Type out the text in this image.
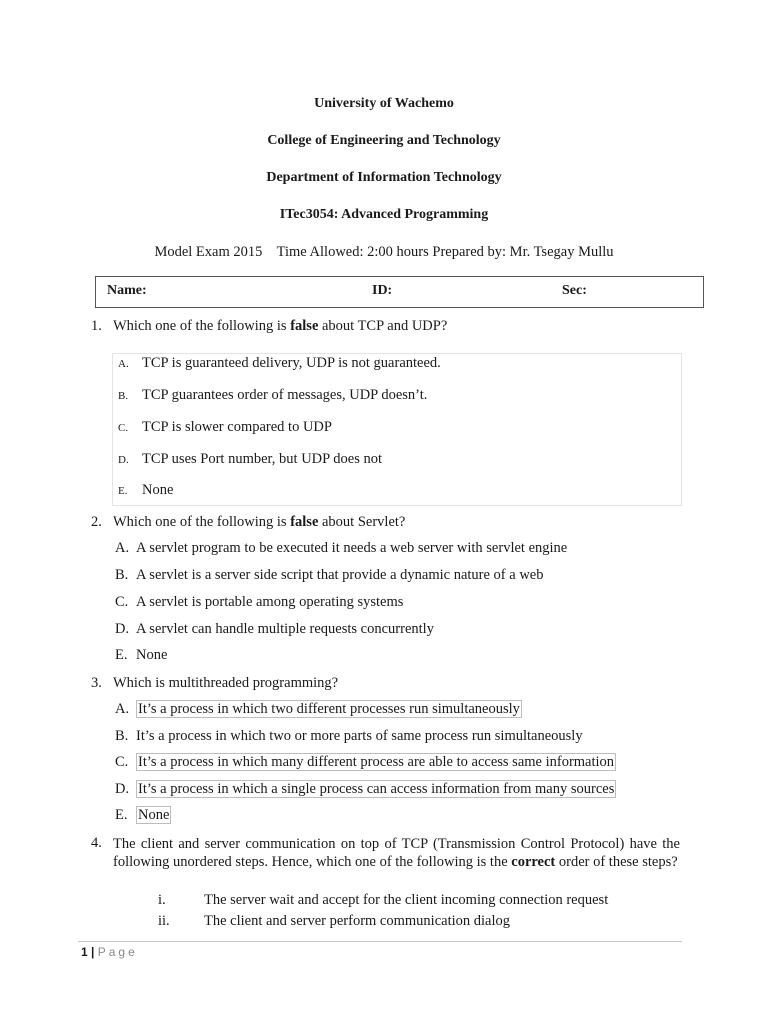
University of Wachemo
College of Engineering and Technology
Department of Information Technology
ITec3054: Advanced Programming
Model Exam 2015    Time Allowed: 2:00 hours Prepared by: Mr. Tsegay Mullu
Name:	ID:	Sec:
1. Which one of the following is false about TCP and UDP?
A. TCP is guaranteed delivery, UDP is not guaranteed.
B. TCP guarantees order of messages, UDP doesn’t.
C. TCP is slower compared to UDP
D. TCP uses Port number, but UDP does not
E. None
2. Which one of the following is false about Servlet?
A. A servlet program to be executed it needs a web server with servlet engine
B. A servlet is a server side script that provide a dynamic nature of a web
C. A servlet is portable among operating systems
D. A servlet can handle multiple requests concurrently
E. None
3. Which is multithreaded programming?
A. It’s a process in which two different processes run simultaneously
B. It’s a process in which two or more parts of same process run simultaneously
C. It’s a process in which many different process are able to access same information
D. It’s a process in which a single process can access information from many sources
E. None
4. The client and server communication on top of TCP (Transmission Control Protocol) have the following unordered steps. Hence, which one of the following is the correct order of these steps?
i.	The server wait and accept for the client incoming connection request
ii. The client and server perform communication dialog
1 | Page
